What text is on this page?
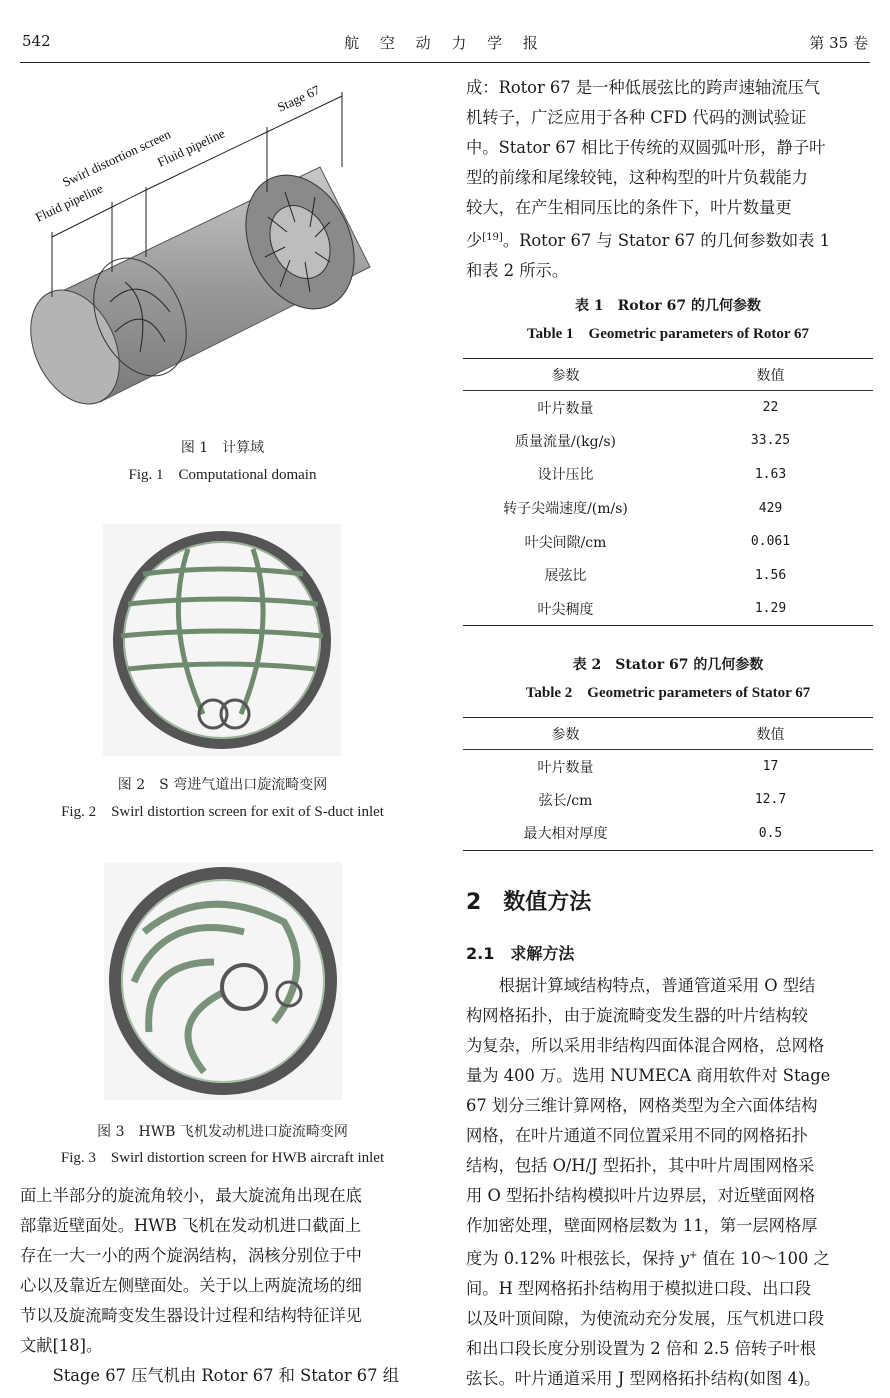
542	航 空 动 力 学 报	第 35 卷
Fluid pipeline
Swirl distortion screen
Fluid pipeline
Stage 67
图 1　计算域
Fig. 1　Computational domain
图 2　S 弯进气道出口旋流畸变网
Fig. 2　Swirl distortion screen for exit of S-duct inlet
图 3　HWB 飞机发动机进口旋流畸变网
Fig. 3　Swirl distortion screen for HWB aircraft inlet
面上半部分的旋流角较小，最大旋流角出现在底
部靠近壁面处。HWB 飞机在发动机进口截面上
存在一大一小的两个旋涡结构，涡核分别位于中
心以及靠近左侧壁面处。关于以上两旋流场的细
节以及旋流畸变发生器设计过程和结构特征详见
文献[18]。
　　Stage 67 压气机由 Rotor 67 和 Stator 67 组
成：Rotor 67 是一种低展弦比的跨声速轴流压气
机转子，广泛应用于各种 CFD 代码的测试验证
中。Stator 67 相比于传统的双圆弧叶形，静子叶
型的前缘和尾缘较钝，这种构型的叶片负载能力
较大，在产生相同压比的条件下，叶片数量更
少[19]。Rotor 67 与 Stator 67 的几何参数如表 1
和表 2 所示。
表 1　Rotor 67 的几何参数
Table 1　Geometric parameters of Rotor 67
参数	数值
叶片数量	22
质量流量/(kg/s)	33.25
设计压比	1.63
转子尖端速度/(m/s)	429
叶尖间隙/cm	0.061
展弦比	1.56
叶尖稠度	1.29
表 2　Stator 67 的几何参数
Table 2　Geometric parameters of Stator 67
参数	数值
叶片数量	17
弦长/cm	12.7
最大相对厚度	0.5
2　数值方法
2.1　求解方法
　　根据计算域结构特点，普通管道采用 O 型结
构网格拓扑，由于旋流畸变发生器的叶片结构较
为复杂，所以采用非结构四面体混合网格，总网格
量为 400 万。选用 NUMECA 商用软件对 Stage
67 划分三维计算网格，网格类型为全六面体结构
网格，在叶片通道不同位置采用不同的网格拓扑
结构，包括 O/H/J 型拓扑，其中叶片周围网格采
用 O 型拓扑结构模拟叶片边界层，对近壁面网格
作加密处理，壁面网格层数为 11，第一层网格厚
度为 0.12% 叶根弦长，保持 y+ 值在 10～100 之
间。H 型网格拓扑结构用于模拟进口段、出口段
以及叶顶间隙，为使流动充分发展，压气机进口段
和出口段长度分别设置为 2 倍和 2.5 倍转子叶根
弦长。叶片通道采用 J 型网格拓扑结构(如图 4)。
